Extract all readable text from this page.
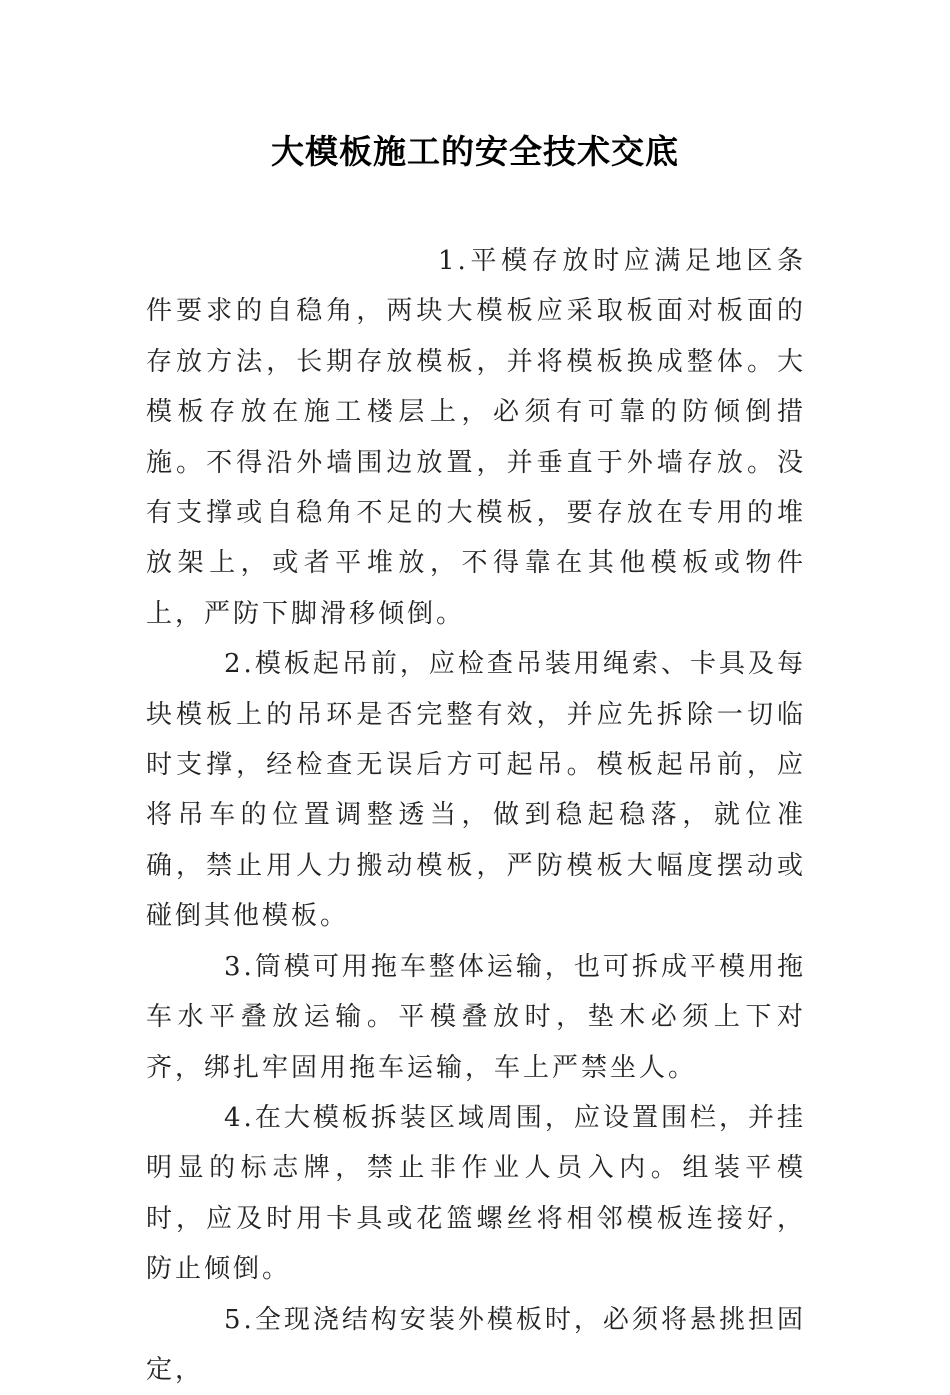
大模板施工的安全技术交底

1.平模存放时应满足地区条件要求的自稳角，两块大模板应采取板面对板面的存放方法，长期存放模板，并将模板换成整体。大模板存放在施工楼层上，必须有可靠的防倾倒措施。不得沿外墙围边放置，并垂直于外墙存放。没有支撑或自稳角不足的大模板，要存放在专用的堆放架上，或者平堆放，不得靠在其他模板或物件上，严防下脚滑移倾倒。

2.模板起吊前，应检查吊装用绳索、卡具及每块模板上的吊环是否完整有效，并应先拆除一切临时支撑，经检查无误后方可起吊。模板起吊前，应将吊车的位置调整透当，做到稳起稳落，就位准确，禁止用人力搬动模板，严防模板大幅度摆动或碰倒其他模板。

3.筒模可用拖车整体运输，也可拆成平模用拖车水平叠放运输。平模叠放时，垫木必须上下对齐，绑扎牢固用拖车运输，车上严禁坐人。

4.在大模板拆装区域周围，应设置围栏，并挂明显的标志牌，禁止非作业人员入内。组装平模时，应及时用卡具或花篮螺丝将相邻模板连接好，防止倾倒。

5.全现浇结构安装外模板时，必须将悬挑担固定，
